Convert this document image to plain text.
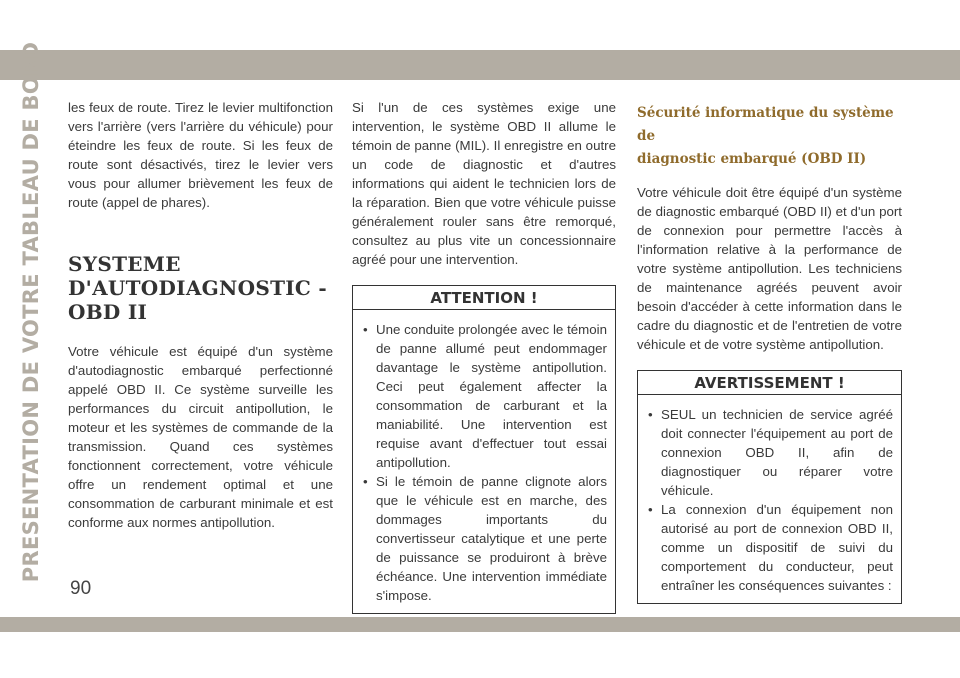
PRESENTATION DE VOTRE TABLEAU DE BORD les feux de route. Tirez le levier multifonction vers l'arrière (vers l'arrière du véhicule) pour éteindre les feux de route. Si les feux de route sont désactivés, tirez le levier vers vous pour allumer brièvement les feux de route (appel de phares).

SYSTEME
D'AUTODIAGNOSTIC -
OBD II

Votre véhicule est équipé d'un système d'autodiagnostic embarqué perfectionné appelé OBD II. Ce système surveille les performances du circuit antipollution, le moteur et les systèmes de commande de la transmission. Quand ces systèmes fonctionnent correctement, votre véhicule offre un rendement optimal et une consommation de carburant minimale et est conforme aux normes antipollution.

Si l'un de ces systèmes exige une intervention, le système OBD II allume le témoin de panne (MIL). Il enregistre en outre un code de diagnostic et d'autres informations qui aident le technicien lors de la réparation. Bien que votre véhicule puisse généralement rouler sans être remorqué, consultez au plus vite un concessionnaire agréé pour une intervention.

ATTENTION !
• Une conduite prolongée avec le témoin de panne allumé peut endommager davantage le système antipollution. Ceci peut également affecter la consommation de carburant et la maniabilité. Une intervention est requise avant d'effectuer tout essai antipollution.
• Si le témoin de panne clignote alors que le véhicule est en marche, des dommages importants du convertisseur catalytique et une perte de puissance se produiront à brève échéance. Une intervention immédiate s'impose.
Sécurité informatique du système de
diagnostic embarqué (OBD II)

Votre véhicule doit être équipé d'un système de diagnostic embarqué (OBD II) et d'un port de connexion pour permettre l'accès à l'information relative à la performance de votre système antipollution. Les techniciens de maintenance agréés peuvent avoir besoin d'accéder à cette information dans le cadre du diagnostic et de l'entretien de votre véhicule et de votre système antipollution.

AVERTISSEMENT !
• SEUL un technicien de service agréé doit connecter l'équipement au port de connexion OBD II, afin de diagnostiquer ou réparer votre véhicule.
• La connexion d'un équipement non autorisé au port de connexion OBD II, comme un dispositif de suivi du comportement du conducteur, peut entraîner les conséquences suivantes :
90
